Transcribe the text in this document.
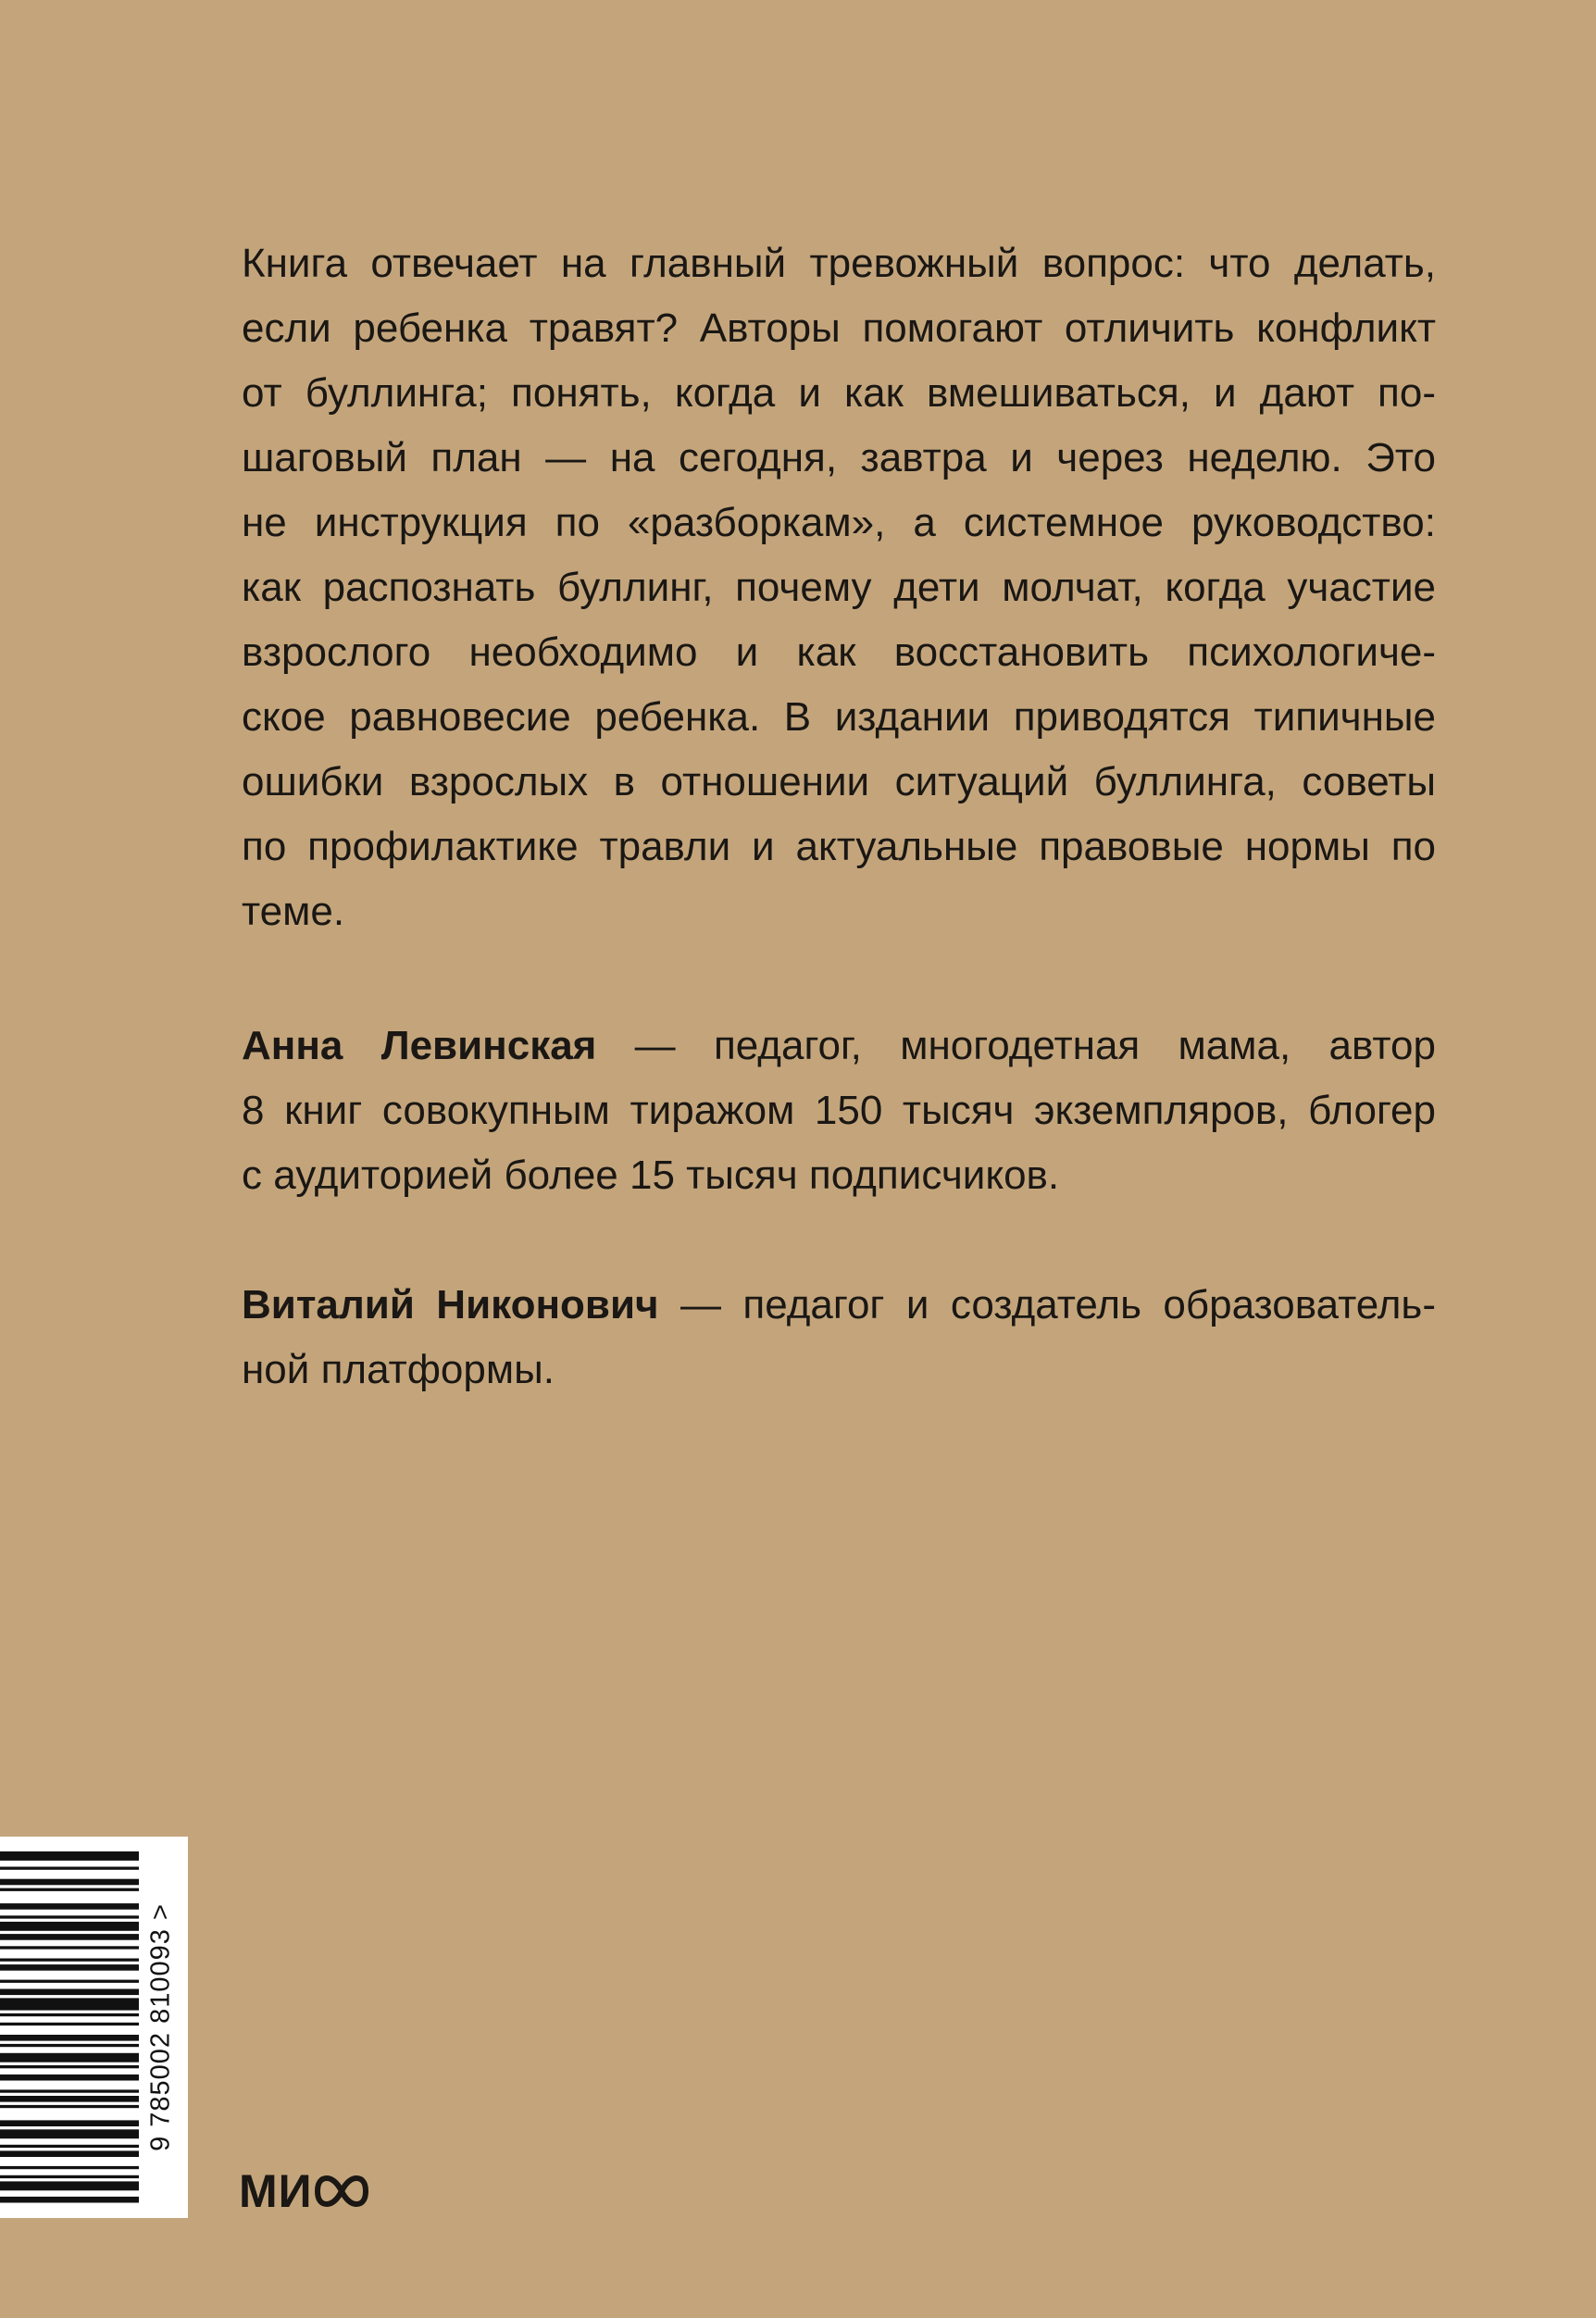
Книга отвечает на главный тревожный вопрос: что делать,
если ребенка травят? Авторы помогают отличить конфликт
от буллинга; понять, когда и как вмешиваться, и дают по-
шаговый план — на сегодня, завтра и через неделю. Это
не инструкция по «разборкам», а системное руководство:
как распознать буллинг, почему дети молчат, когда участие
взрослого необходимо и как восстановить психологиче-
ское равновесие ребенка. В издании приводятся типичные
ошибки взрослых в отношении ситуаций буллинга, советы
по профилактике травли и актуальные правовые нормы по
теме.
Анна Левинская — педагог, многодетная мама, автор
8 книг совокупным тиражом 150 тысяч экземпляров, блогер
с аудиторией более 15 тысяч подписчиков.
Виталий Никонович — педагог и создатель образователь-
ной платформы.
9 785002 810093 >
МИ
